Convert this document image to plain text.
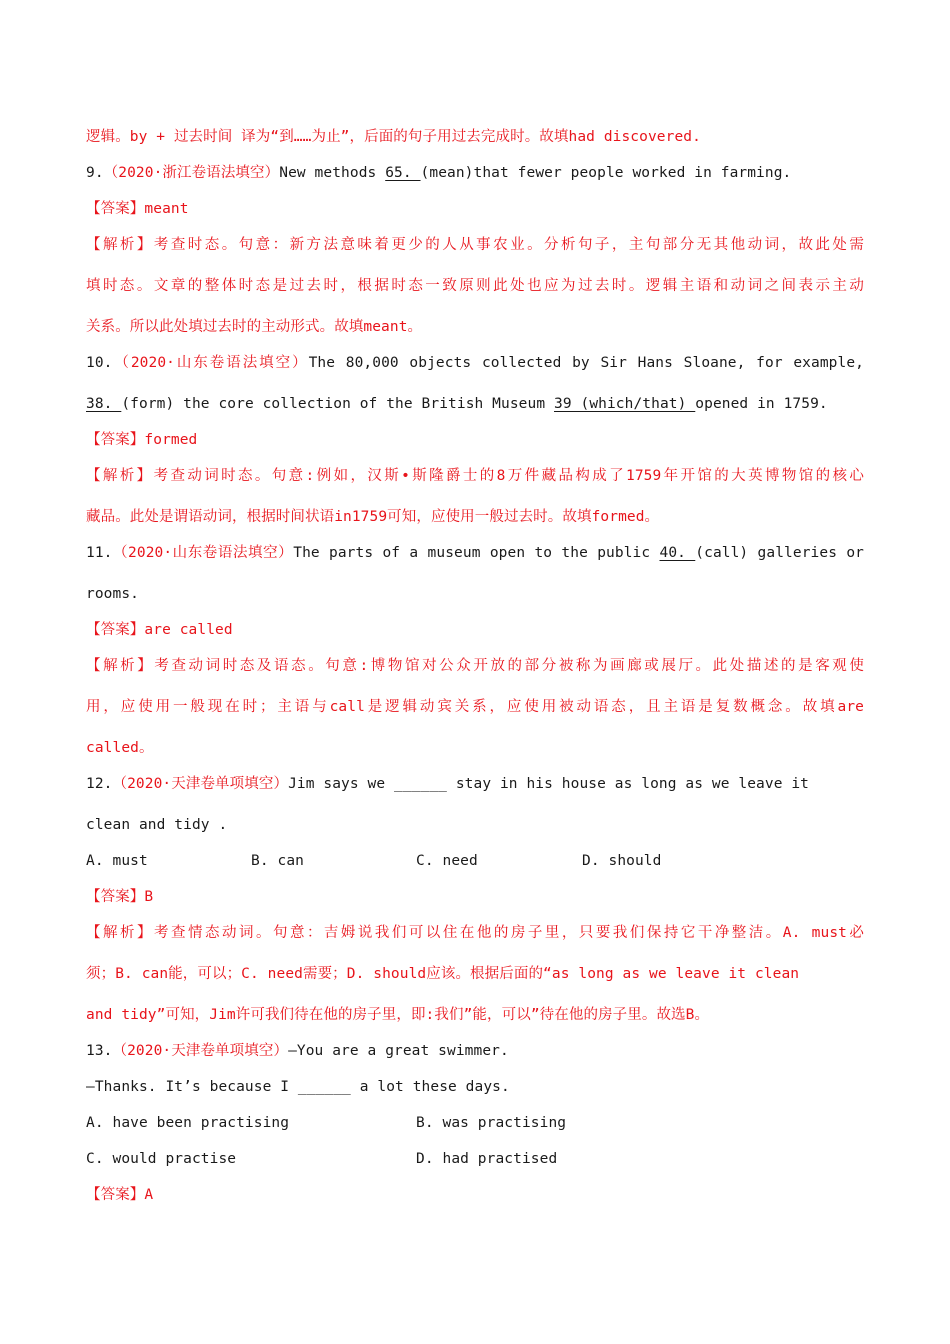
逻辑。by + 过去时间 译为“到……为止”，后面的句子用过去完成时。故填had discovered.
9.（2020·浙江卷语法填空）New methods 65. (mean)that fewer people worked in farming.
【答案】meant
【解析】考查时态。句意：新方法意味着更少的人从事农业。分析句子，主句部分无其他动词，故此处需
填时态。文章的整体时态是过去时，根据时态一致原则此处也应为过去时。逻辑主语和动词之间表示主动
关系。所以此处填过去时的主动形式。故填meant。
10.（2020·山东卷语法填空）The 80,000 objects collected by Sir Hans Sloane, for example,
38. (form) the core collection of the British Museum 39 (which/that) opened in 1759.
【答案】formed
【解析】考查动词时态。句意:例如，汉斯•斯隆爵士的8万件藏品构成了1759年开馆的大英博物馆的核心
藏品。此处是谓语动词，根据时间状语in1759可知，应使用一般过去时。故填formed。
11.（2020·山东卷语法填空）The parts of a museum open to the public 40. (call) galleries or
rooms.
【答案】are called
【解析】考查动词时态及语态。句意:博物馆对公众开放的部分被称为画廊或展厅。此处描述的是客观使
用，应使用一般现在时；主语与call是逻辑动宾关系，应使用被动语态，且主语是复数概念。故填are
called。
12.（2020·天津卷单项填空）Jim says we ______ stay in his house as long as we leave it
clean and tidy .
A. must	B. can	C. need	D. should
【答案】B
【解析】考查情态动词。句意：吉姆说我们可以住在他的房子里，只要我们保持它干净整洁。A. must必
须；B. can能，可以；C. need需要；D. should应该。根据后面的“as long as we leave it clean
and tidy”可知，Jim许可我们待在他的房子里，即:我们”能，可以”待在他的房子里。故选B。
13.（2020·天津卷单项填空）—You are a great swimmer.
—Thanks. It’s because I ______ a lot these days.
A. have been practising	B. was practising
C. would practise	D. had practised
【答案】A
